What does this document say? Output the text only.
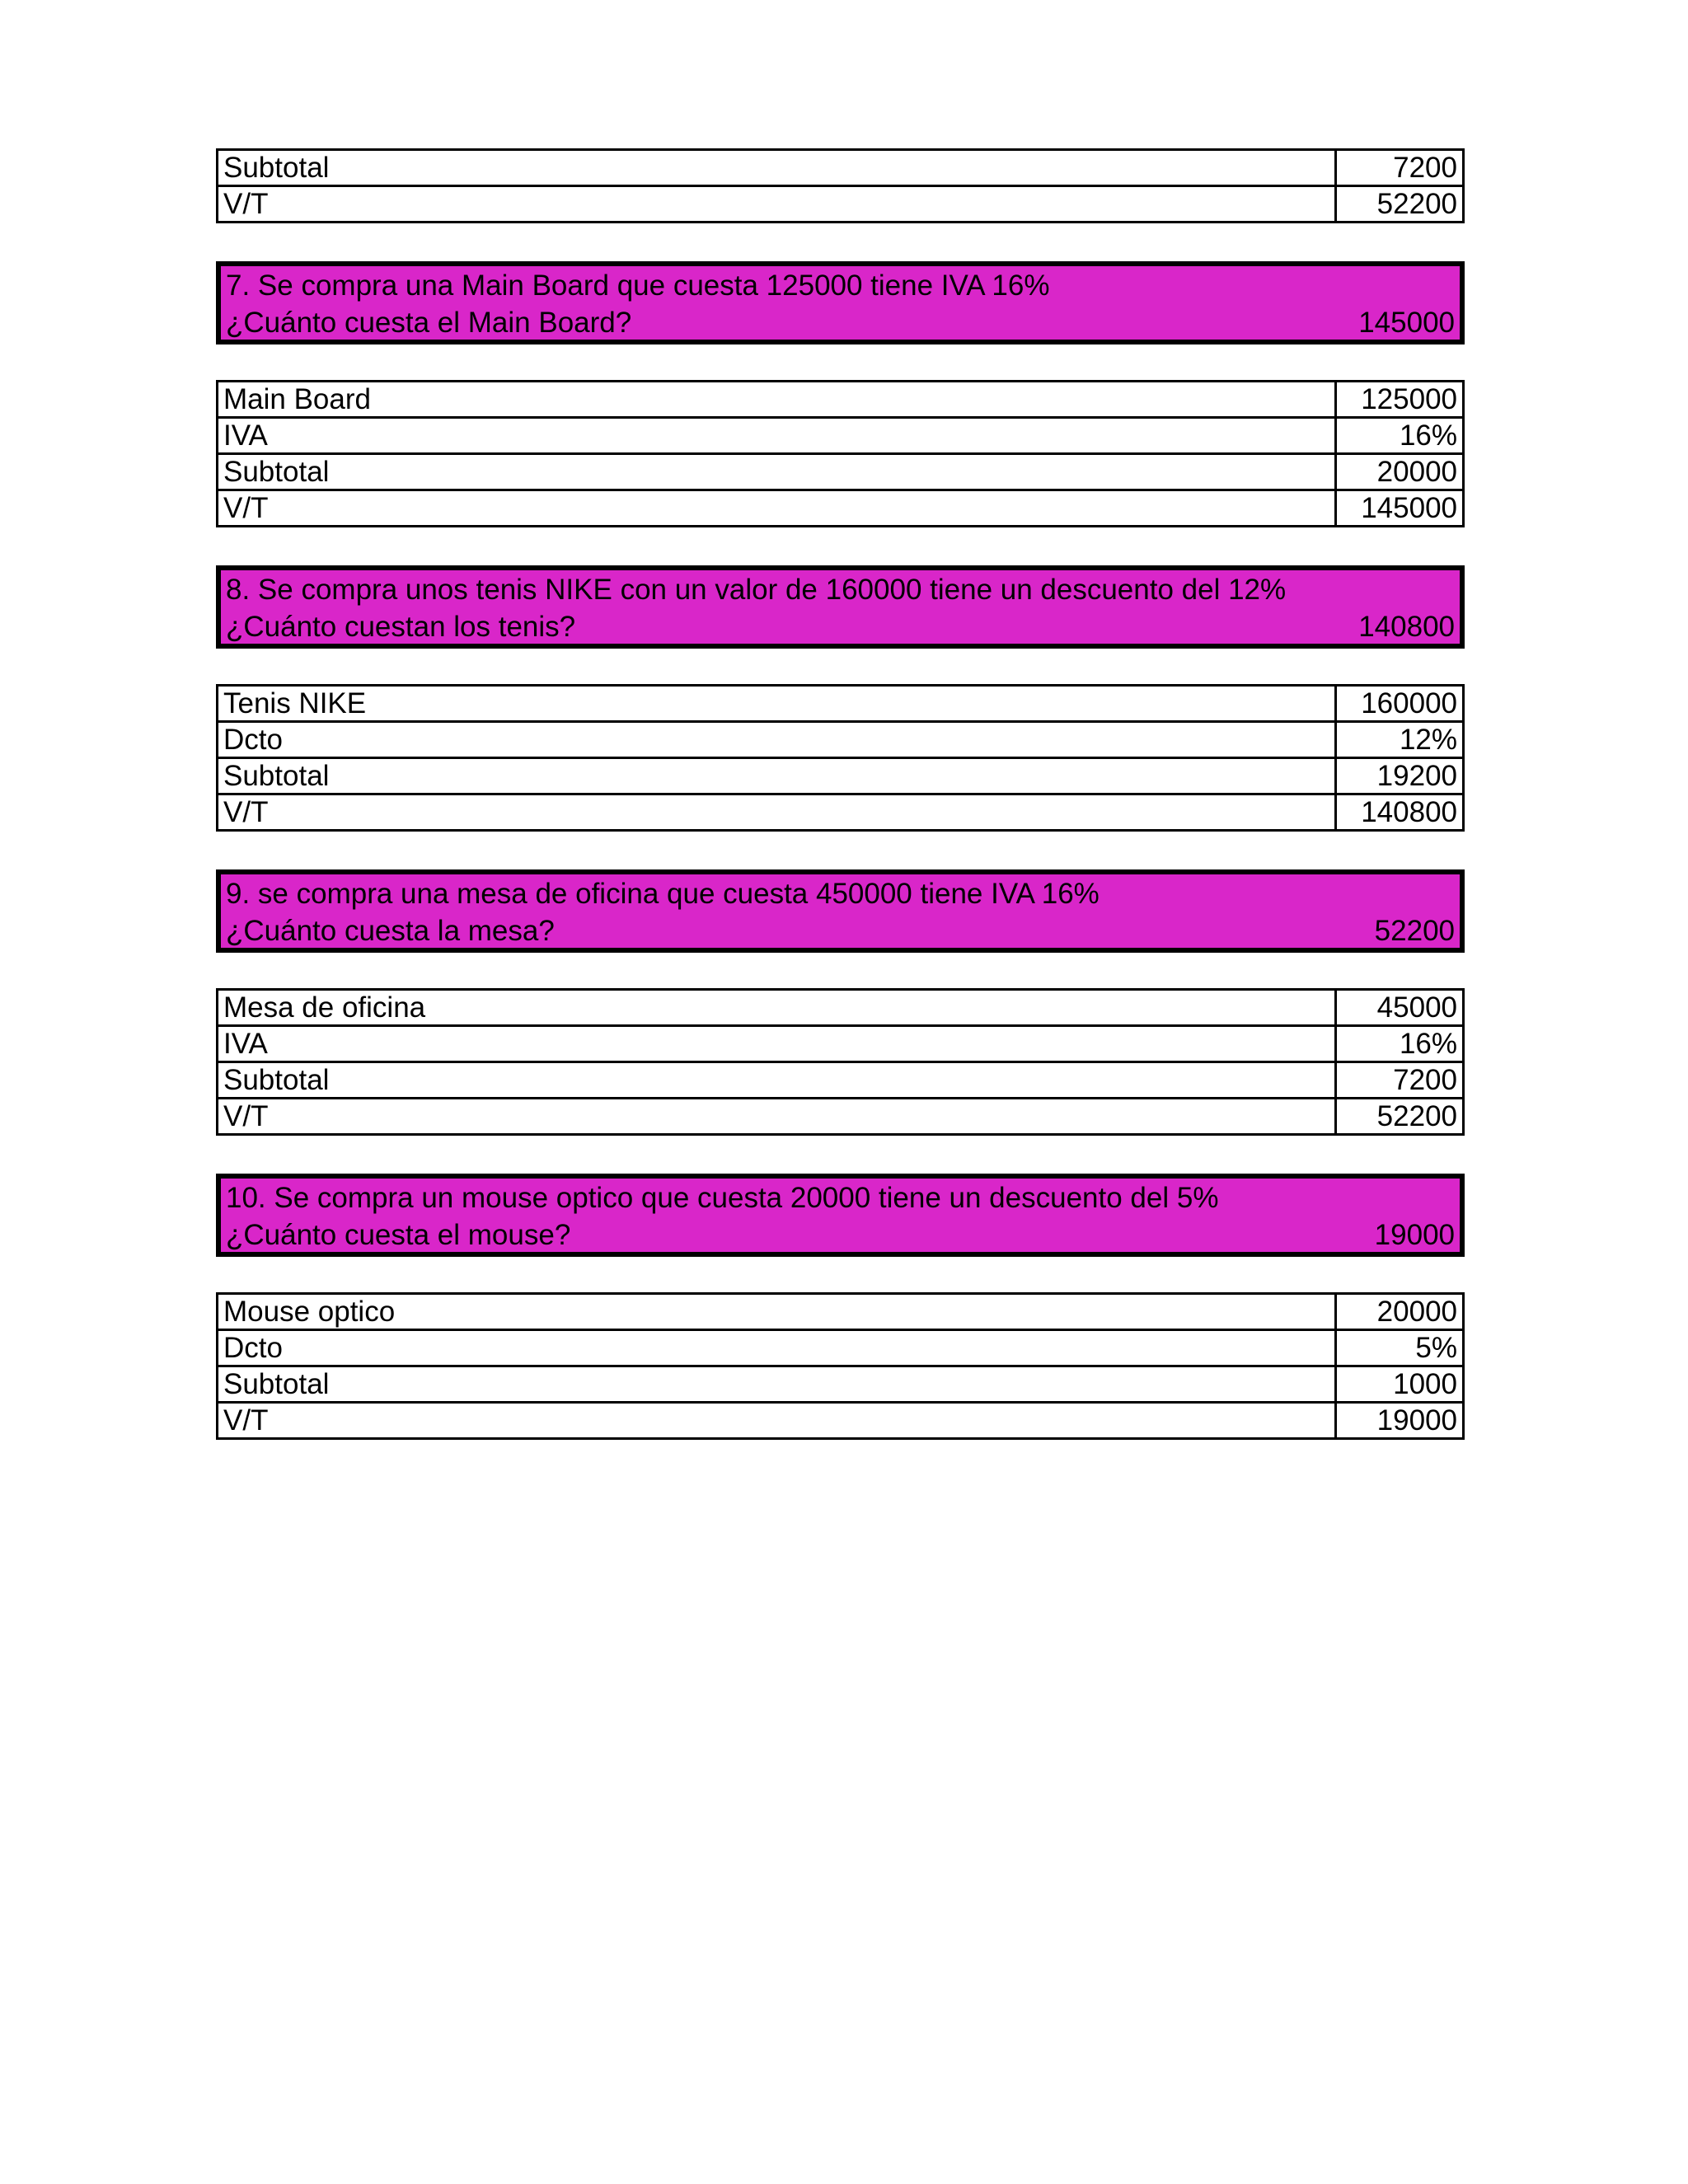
Subtotal	7200
V/T	52200
7. Se compra una Main Board que cuesta 125000 tiene IVA 16%
¿Cuánto cuesta el Main Board?	145000
Main Board	125000
IVA	16%
Subtotal	20000
V/T	145000
8. Se compra unos tenis NIKE con un valor de 160000 tiene un descuento del 12%
¿Cuánto cuestan los tenis?	140800
Tenis NIKE	160000
Dcto	12%
Subtotal	19200
V/T	140800
9. se compra una mesa de oficina que cuesta 450000 tiene IVA 16%
¿Cuánto cuesta la mesa?	52200
Mesa de oficina	45000
IVA	16%
Subtotal	7200
V/T	52200
10. Se compra un mouse optico que cuesta 20000 tiene un descuento del 5%
¿Cuánto cuesta el mouse?	19000
Mouse optico	20000
Dcto	5%
Subtotal	1000
V/T	19000
